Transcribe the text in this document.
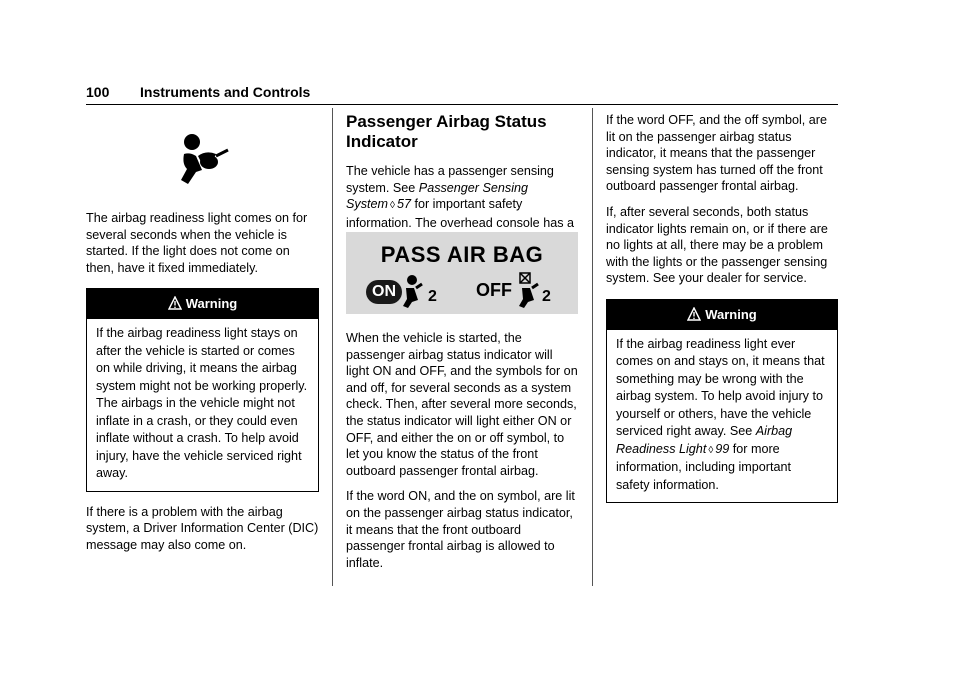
100 Instruments and Controls

The airbag readiness light comes on for several seconds when the vehicle is started. If the light does not come on then, have it fixed immediately.

Warning
If the airbag readiness light stays on after the vehicle is started or comes on while driving, it means the airbag system might not be working properly. The airbags in the vehicle might not inflate in a crash, or they could even inflate without a crash. To help avoid injury, have the vehicle serviced right away.

If there is a problem with the airbag system, a Driver Information Center (DIC) message may also come on.

Passenger Airbag Status Indicator

The vehicle has a passenger sensing system. See Passenger Sensing System ◊ 57 for important safety information. The overhead console has a

PASS AIR BAG
ON	2 OFF 2

When the vehicle is started, the passenger airbag status indicator will light ON and OFF, and the symbols for on and off, for several seconds as a system check. Then, after several more seconds, the status indicator will light either ON or OFF, and either the on or off symbol, to let you know the status of the front outboard passenger frontal airbag.

If the word ON, and the on symbol, are lit on the passenger airbag status indicator, it means that the front outboard passenger frontal airbag is allowed to inflate.

If the word OFF, and the off symbol, are lit on the passenger airbag status indicator, it means that the passenger sensing system has turned off the front outboard passenger frontal airbag.

If, after several seconds, both status indicator lights remain on, or if there are no lights at all, there may be a problem with the lights or the passenger sensing system. See your dealer for service.

Warning
If the airbag readiness light ever comes on and stays on, it means that something may be wrong with the airbag system. To help avoid injury to yourself or others, have the vehicle serviced right away. See Airbag Readiness Light ◊ 99 for more information, including important safety information.
